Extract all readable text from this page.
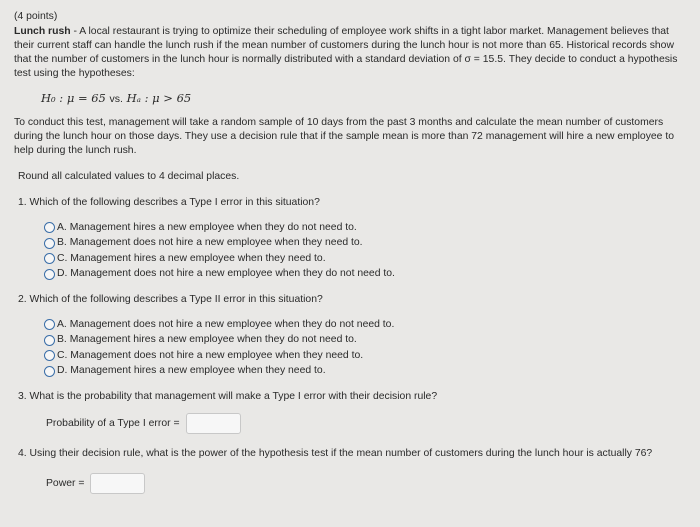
(4 points)

Lunch rush - A local restaurant is trying to optimize their scheduling of employee work shifts in a tight labor market. Management believes that their current staff can handle the lunch rush if the mean number of customers during the lunch hour is not more than 65. Historical records show that the number of customers in the lunch hour is normally distributed with a standard deviation of σ = 15.5. They decide to conduct a hypothesis test using the hypotheses:

H₀ : μ = 65 vs. Hₐ : μ > 65

To conduct this test, management will take a random sample of 10 days from the past 3 months and calculate the mean number of customers during the lunch hour on those days. They use a decision rule that if the sample mean is more than 72 management will hire a new employee to help during the lunch rush.

Round all calculated values to 4 decimal places.

1. Which of the following describes a Type I error in this situation?
A. Management hires a new employee when they do not need to.
B. Management does not hire a new employee when they need to.
C. Management hires a new employee when they need to.
D. Management does not hire a new employee when they do not need to.
2. Which of the following describes a Type II error in this situation?
A. Management does not hire a new employee when they do not need to.
B. Management hires a new employee when they do not need to.
C. Management does not hire a new employee when they need to.
D. Management hires a new employee when they need to.
3. What is the probability that management will make a Type I error with their decision rule?
Probability of a Type I error =
4. Using their decision rule, what is the power of the hypothesis test if the mean number of customers during the lunch hour is actually 76?
Power =
